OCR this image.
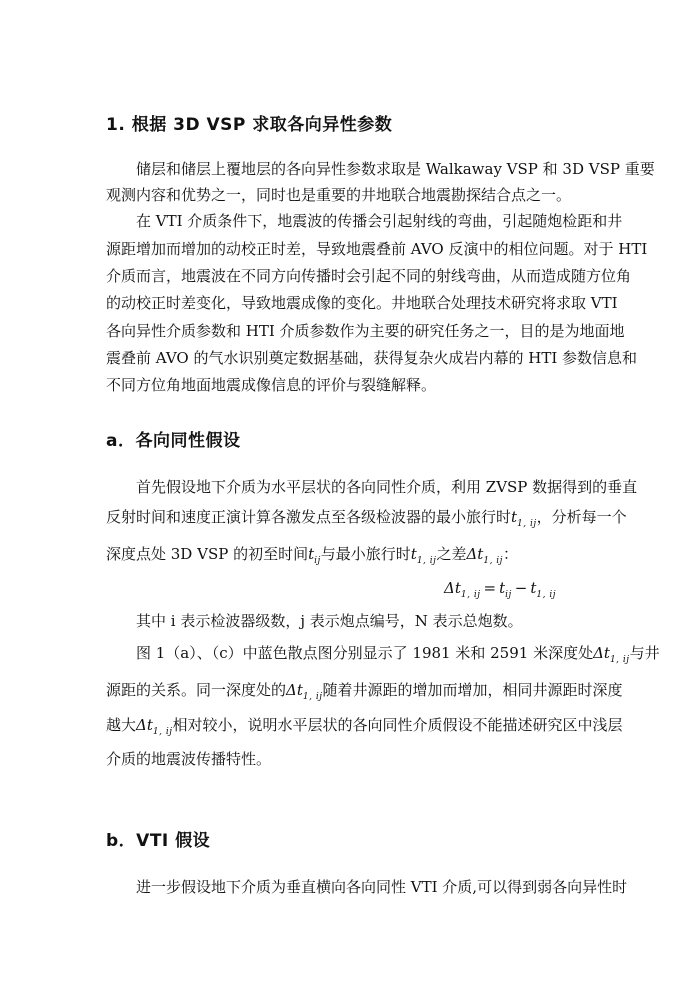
1. 根据 3D VSP 求取各向异性参数
储层和储层上覆地层的各向异性参数求取是 Walkaway VSP 和 3D VSP 重要
观测内容和优势之一，同时也是重要的井地联合地震勘探结合点之一。
在 VTI 介质条件下，地震波的传播会引起射线的弯曲，引起随炮检距和井
源距增加而增加的动校正时差，导致地震叠前 AVO 反演中的相位问题。对于 HTI
介质而言，地震波在不同方向传播时会引起不同的射线弯曲，从而造成随方位角
的动校正时差变化，导致地震成像的变化。井地联合处理技术研究将求取 VTI
各向异性介质参数和 HTI 介质参数作为主要的研究任务之一，目的是为地面地
震叠前 AVO 的气水识别奠定数据基础，获得复杂火成岩内幕的 HTI 参数信息和
不同方位角地面地震成像信息的评价与裂缝解释。
a．各向同性假设
首先假设地下介质为水平层状的各向同性介质，利用 ZVSP 数据得到的垂直
反射时间和速度正演计算各激发点至各级检波器的最小旅行时$t_{1, ij}$，分析每一个
深度点处 3D VSP 的初至时间$t_{ij}$与最小旅行时$t_{1, ij}$之差$\Delta t_{1, ij}$：
$\Delta t_{1, ij} = t_{ij} - t_{1, ij}$
其中 i 表示检波器级数，j 表示炮点编号，N 表示总炮数。
图 1（a）、（c）中蓝色散点图分别显示了 1981 米和 2591 米深度处$\Delta t_{1, ij}$与井
源距的关系。同一深度处的$\Delta t_{1, ij}$随着井源距的增加而增加，相同井源距时深度
越大$\Delta t_{1, ij}$相对较小，说明水平层状的各向同性介质假设不能描述研究区中浅层
介质的地震波传播特性。
b．VTI 假设
进一步假设地下介质为垂直横向各向同性 VTI 介质,可以得到弱各向异性时
